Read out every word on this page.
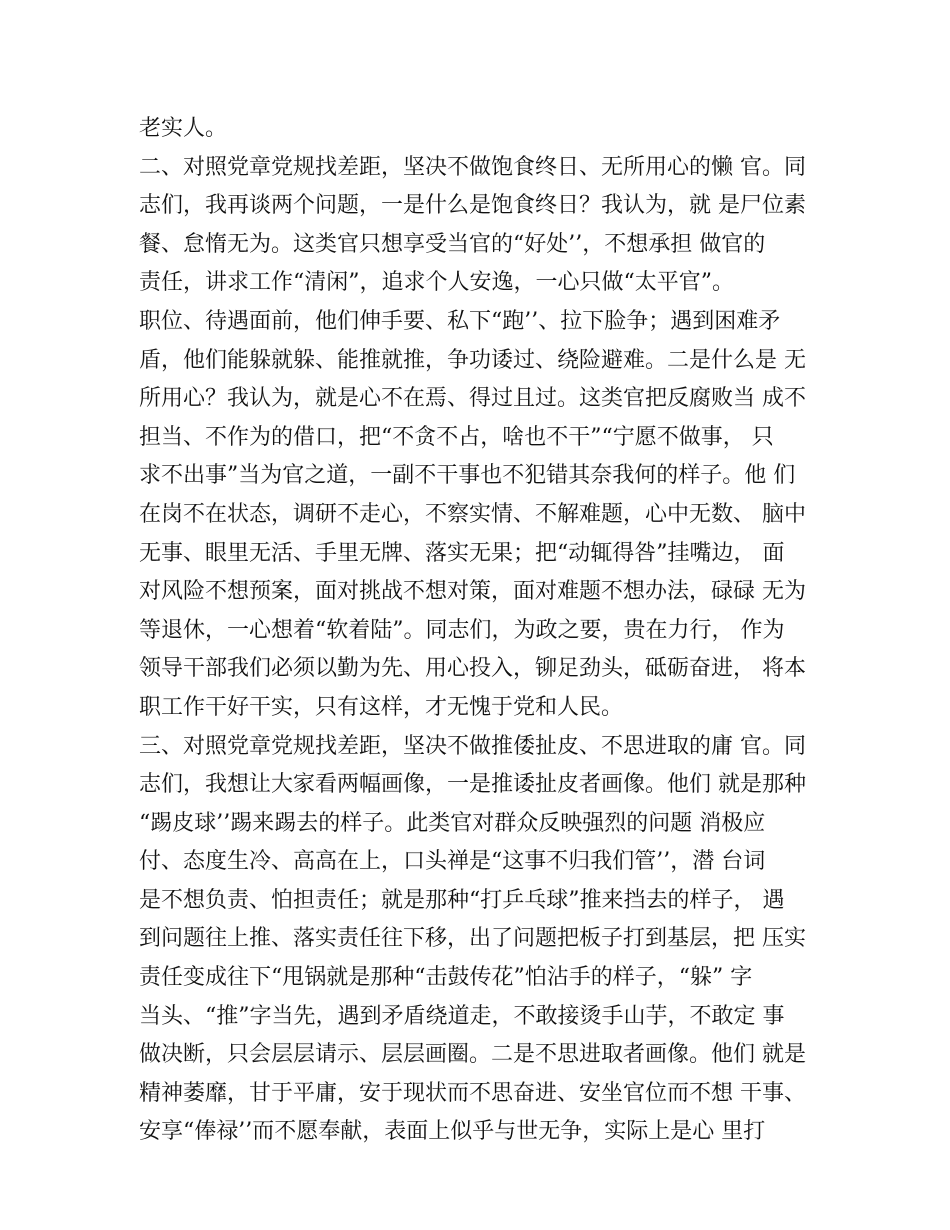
老实人。
二、对照党章党规找差距，坚决不做饱食终日、无所用心的懒 官。同
志们，我再谈两个问题，一是什么是饱食终日？我认为，就 是尸位素
餐、怠惰无为。这类官只想享受当官的“好处’’，不想承担 做官的
责任，讲求工作“清闲”，追求个人安逸，一心只做“太平官”。
职位、待遇面前，他们伸手要、私下“跑’’、拉下脸争；遇到困难矛
盾，他们能躲就躲、能推就推，争功诿过、绕险避难。二是什么是 无
所用心？我认为，就是心不在焉、得过且过。这类官把反腐败当 成不
担当、不作为的借口，把“不贪不占，啥也不干”“宁愿不做事， 只
求不出事”当为官之道，一副不干事也不犯错其奈我何的样子。他 们
在岗不在状态，调研不走心，不察实情、不解难题，心中无数、 脑中
无事、眼里无活、手里无牌、落实无果；把“动辄得咎”挂嘴边， 面
对风险不想预案，面对挑战不想对策，面对难题不想办法，碌碌 无为
等退休，一心想着“软着陆”。同志们，为政之要，贵在力行， 作为
领导干部我们必须以勤为先、用心投入，铆足劲头，砥砺奋进， 将本
职工作干好干实，只有这样，才无愧于党和人民。
三、对照党章党规找差距，坚决不做推倭扯皮、不思进取的庸 官。同
志们，我想让大家看两幅画像，一是推诿扯皮者画像。他们 就是那种
“踢皮球’’踢来踢去的样子。此类官对群众反映强烈的问题 消极应
付、态度生冷、高高在上，口头禅是“这事不归我们管’’，潜 台词
是不想负责、怕担责任；就是那种“打乒乓球”推来挡去的样子， 遇
到问题往上推、落实责任往下移，出了问题把板子打到基层，把 压实
责任变成往下“甩锅就是那种“击鼓传花”怕沾手的样子，“躲” 字
当头、“推”字当先，遇到矛盾绕道走，不敢接烫手山芋，不敢定 事
做决断，只会层层请示、层层画圈。二是不思进取者画像。他们 就是
精神萎靡，甘于平庸，安于现状而不思奋进、安坐官位而不想 干事、
安享“俸禄’’而不愿奉献，表面上似乎与世无争，实际上是心 里打
